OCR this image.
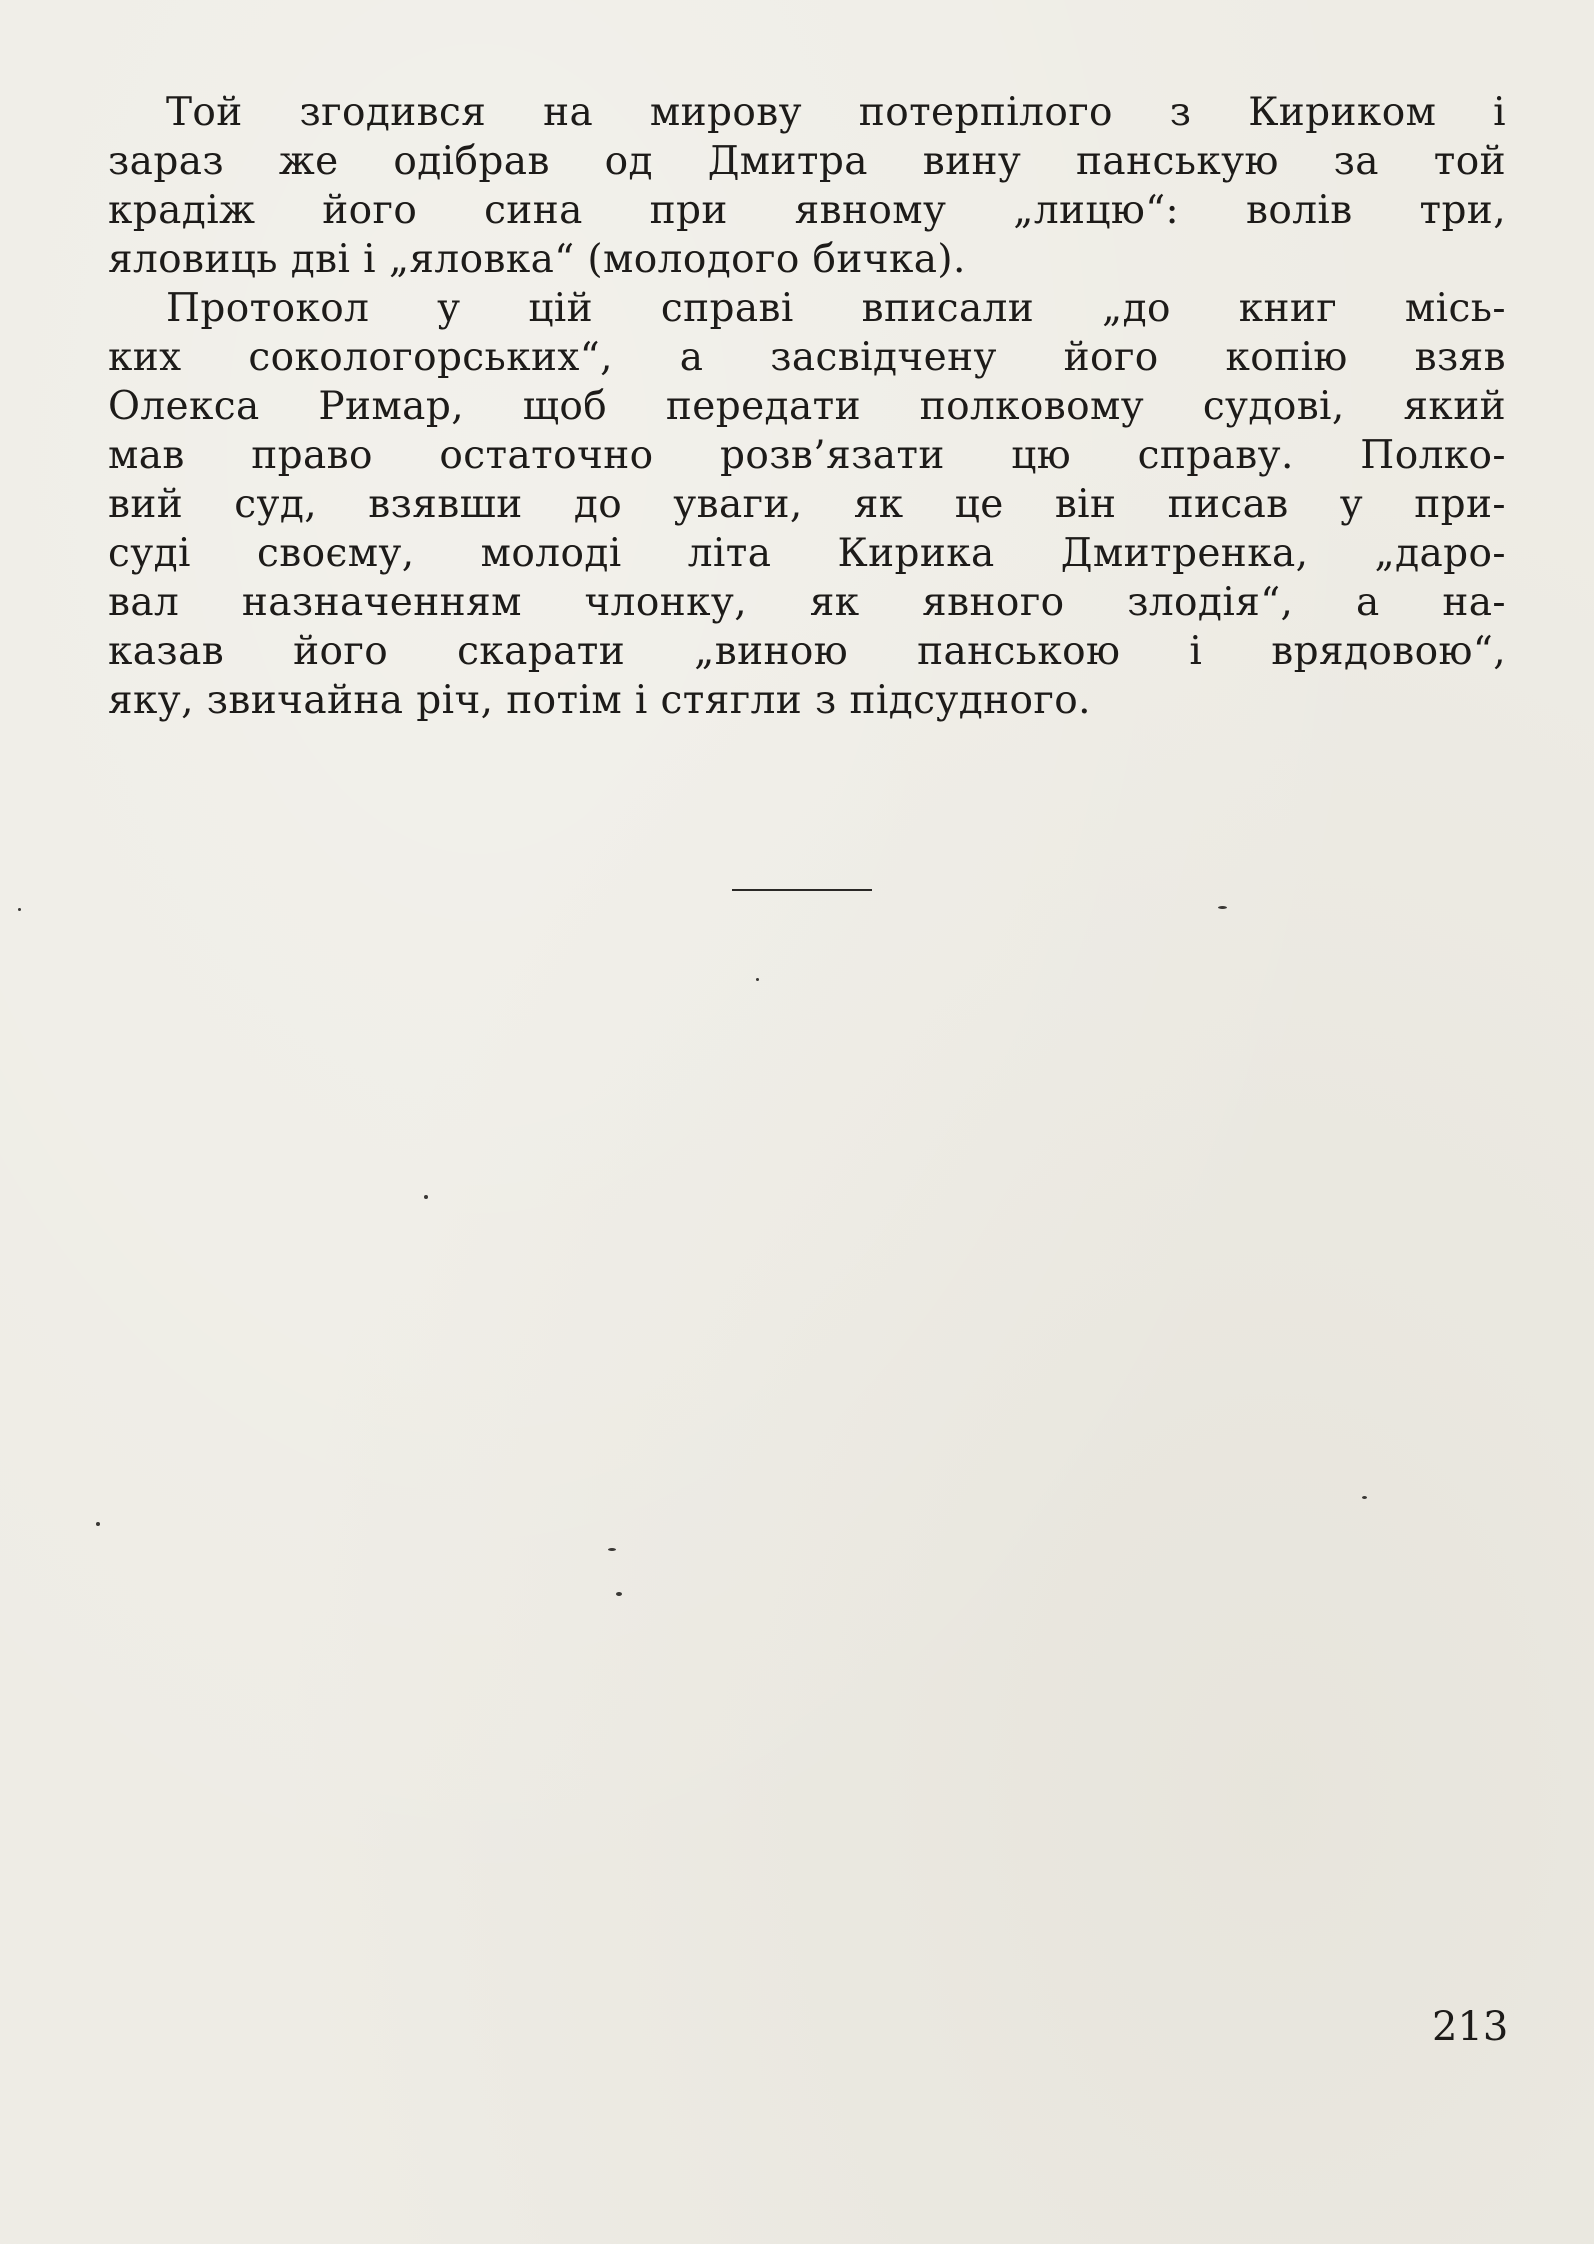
Той згодився на мирову потерпілого з Кириком і
зараз же одібрав од Дмитра вину панськую за той
крадіж його сина при явному „лицю“: волів три,
яловиць дві і „яловка“ (молодого бичка).
Протокол у цій справі вписали „до книг місь-
ких сокологорських“, а засвідчену його копію взяв
Олекса Римар, щоб передати полковому судові, який
мав право остаточно розв’язати цю справу. Полко-
вий суд, взявши до уваги, як це він писав у при-
суді своєму, молоді літа Кирика Дмитренка, „даро-
вал назначенням члонку, як явного злодія“, а на-
казав його скарати „виною панською і врядовою“,
яку, звичайна річ, потім і стягли з підсудного.
213
